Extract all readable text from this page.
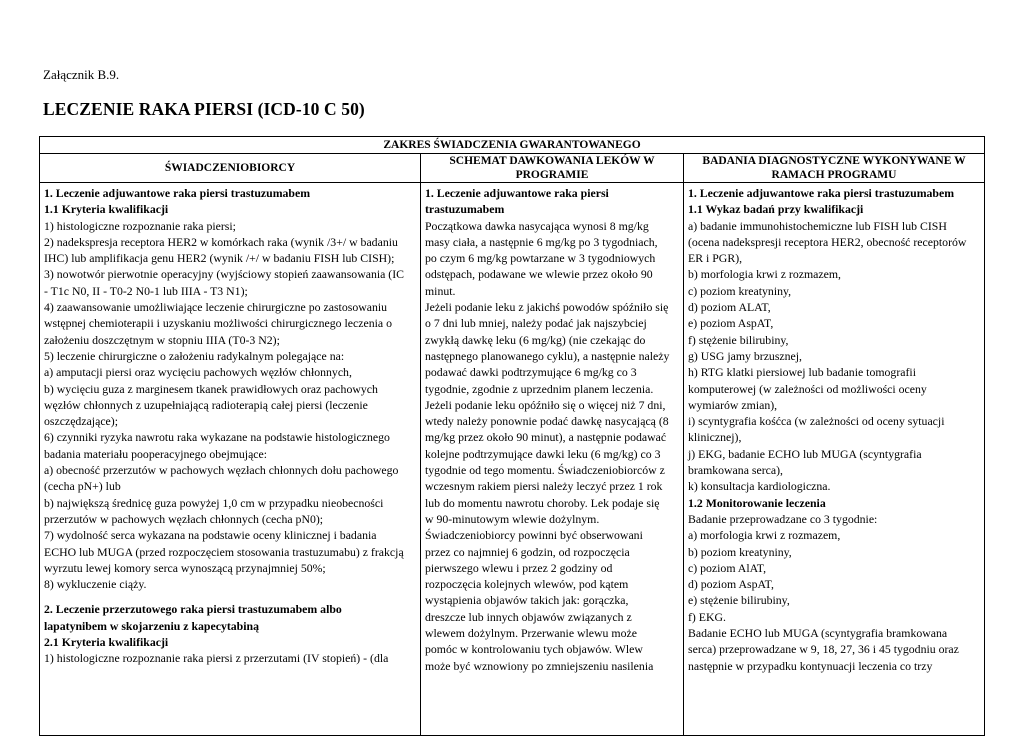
Załącznik B.9.
LECZENIE RAKA PIERSI (ICD-10 C 50)
ZAKRES ŚWIADCZENIA GWARANTOWANEGO
ŚWIADCZENIOBIORCY
1. Leczenie adjuwantowe raka piersi trastuzumabem
1.1 Kryteria kwalifikacji
1) histologiczne rozpoznanie raka piersi;
2) nadekspresja receptora HER2 w komórkach raka (wynik /3+/ w badaniu
IHC) lub amplifikacja genu HER2 (wynik /+/ w badaniu FISH lub CISH);
3) nowotwór pierwotnie operacyjny (wyjściowy stopień zaawansowania (IC
- T1c N0, II - T0-2 N0-1 lub IIIA - T3 N1);
4) zaawansowanie umożliwiające leczenie chirurgiczne po zastosowaniu
wstępnej chemioterapii i uzyskaniu możliwości chirurgicznego leczenia o
założeniu doszczętnym w stopniu IIIA (T0-3 N2);
5) leczenie chirurgiczne o założeniu radykalnym polegające na:
a) amputacji piersi oraz wycięciu pachowych węzłów chłonnych,
b) wycięciu guza z marginesem tkanek prawidłowych oraz pachowych
węzłów chłonnych z uzupełniającą radioterapią całej piersi (leczenie
oszczędzające);
6) czynniki ryzyka nawrotu raka wykazane na podstawie histologicznego
badania materiału pooperacyjnego obejmujące:
a) obecność przerzutów w pachowych węzłach chłonnych dołu pachowego
(cecha pN+) lub
b) największą średnicę guza powyżej 1,0 cm w przypadku nieobecności
przerzutów w pachowych węzłach chłonnych (cecha pN0);
7) wydolność serca wykazana na podstawie oceny klinicznej i badania
ECHO lub MUGA (przed rozpoczęciem stosowania trastuzumabu) z frakcją
wyrzutu lewej komory serca wynoszącą przynajmniej 50%;
8) wykluczenie ciąży.
2. Leczenie przerzutowego raka piersi trastuzumabem albo
lapatynibem w skojarzeniu z kapecytabiną
2.1 Kryteria kwalifikacji
1) histologiczne rozpoznanie raka piersi z przerzutami (IV stopień) - (dla
SCHEMAT DAWKOWANIA LEKÓW W
PROGRAMIE
1. Leczenie adjuwantowe raka piersi
trastuzumabem
Początkowa dawka nasycająca wynosi 8 mg/kg
masy ciała, a następnie 6 mg/kg po 3 tygodniach,
po czym 6 mg/kg powtarzane w 3 tygodniowych
odstępach, podawane we wlewie przez około 90
minut.
Jeżeli podanie leku z jakichś powodów spóźniło się
o 7 dni lub mniej, należy podać jak najszybciej
zwykłą dawkę leku (6 mg/kg) (nie czekając do
następnego planowanego cyklu), a następnie należy
podawać dawki podtrzymujące 6 mg/kg co 3
tygodnie, zgodnie z uprzednim planem leczenia.
Jeżeli podanie leku opóźniło się o więcej niż 7 dni,
wtedy należy ponownie podać dawkę nasycającą (8
mg/kg przez około 90 minut), a następnie podawać
kolejne podtrzymujące dawki leku (6 mg/kg) co 3
tygodnie od tego momentu. Świadczeniobiorców z
wczesnym rakiem piersi należy leczyć przez 1 rok
lub do momentu nawrotu choroby. Lek podaje się
w 90-minutowym wlewie dożylnym.
Świadczeniobiorcy powinni być obserwowani
przez co najmniej 6 godzin, od rozpoczęcia
pierwszego wlewu i przez 2 godziny od
rozpoczęcia kolejnych wlewów, pod kątem
wystąpienia objawów takich jak: gorączka,
dreszcze lub innych objawów związanych z
wlewem dożylnym. Przerwanie wlewu może
pomóc w kontrolowaniu tych objawów. Wlew
może być wznowiony po zmniejszeniu nasilenia
BADANIA DIAGNOSTYCZNE WYKONYWANE W
RAMACH PROGRAMU
1. Leczenie adjuwantowe raka piersi trastuzumabem
1.1 Wykaz badań przy kwalifikacji
a) badanie immunohistochemiczne lub FISH lub CISH
(ocena nadekspresji receptora HER2, obecność receptorów
ER i PGR),
b) morfologia krwi z rozmazem,
c) poziom kreatyniny,
d) poziom ALAT,
e) poziom AspAT,
f) stężenie bilirubiny,
g) USG jamy brzusznej,
h) RTG klatki piersiowej lub badanie tomografii
komputerowej (w zależności od możliwości oceny
wymiarów zmian),
i) scyntygrafia kośćca (w zależności od oceny sytuacji
klinicznej),
j) EKG, badanie ECHO lub MUGA (scyntygrafia
bramkowana serca),
k) konsultacja kardiologiczna.
1.2 Monitorowanie leczenia
Badanie przeprowadzane co 3 tygodnie:
a) morfologia krwi z rozmazem,
b) poziom kreatyniny,
c) poziom AlAT,
d) poziom AspAT,
e) stężenie bilirubiny,
f) EKG.
Badanie ECHO lub MUGA (scyntygrafia bramkowana
serca) przeprowadzane w 9, 18, 27, 36 i 45 tygodniu oraz
następnie w przypadku kontynuacji leczenia co trzy
